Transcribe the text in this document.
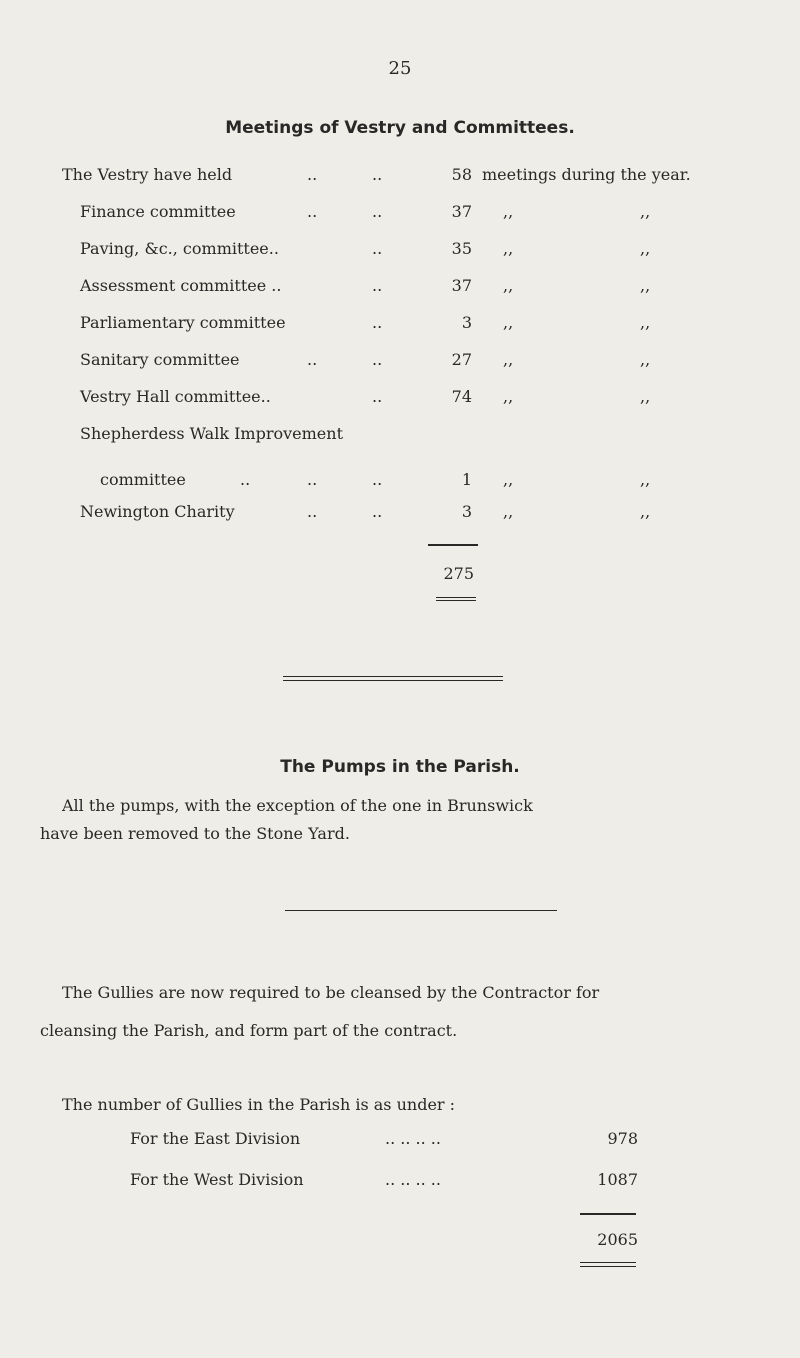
25
Meetings of Vestry and Committees.
The Vestry have held	..	..	58 meetings during the year.
Finance committee	..	..	37 ,,	,,
Paving, &c., committee..	..	35 ,,	,,
Assessment committee ..	..	37 ,,	,,
Parliamentary committee	..	3 ,,	,,
Sanitary committee	..	..	27 ,,	,,
Vestry Hall committee..	..	74 ,,	,,
Shepherdess Walk Improvement
committee	..	..	..	1 ,,	,,
Newington Charity	..	..	3 ,,	,,
275
The Pumps in the Parish.
All the pumps, with the exception of the one in Brunswick
have been removed to the Stone Yard.
The Gullies are now required to be cleansed by the Contractor for
cleansing the Parish, and form part of the contract.
The number of Gullies in the Parish is as under :
For the East Division	.. .. .. ..	978
For the West Division	.. .. .. ..	1087
2065
